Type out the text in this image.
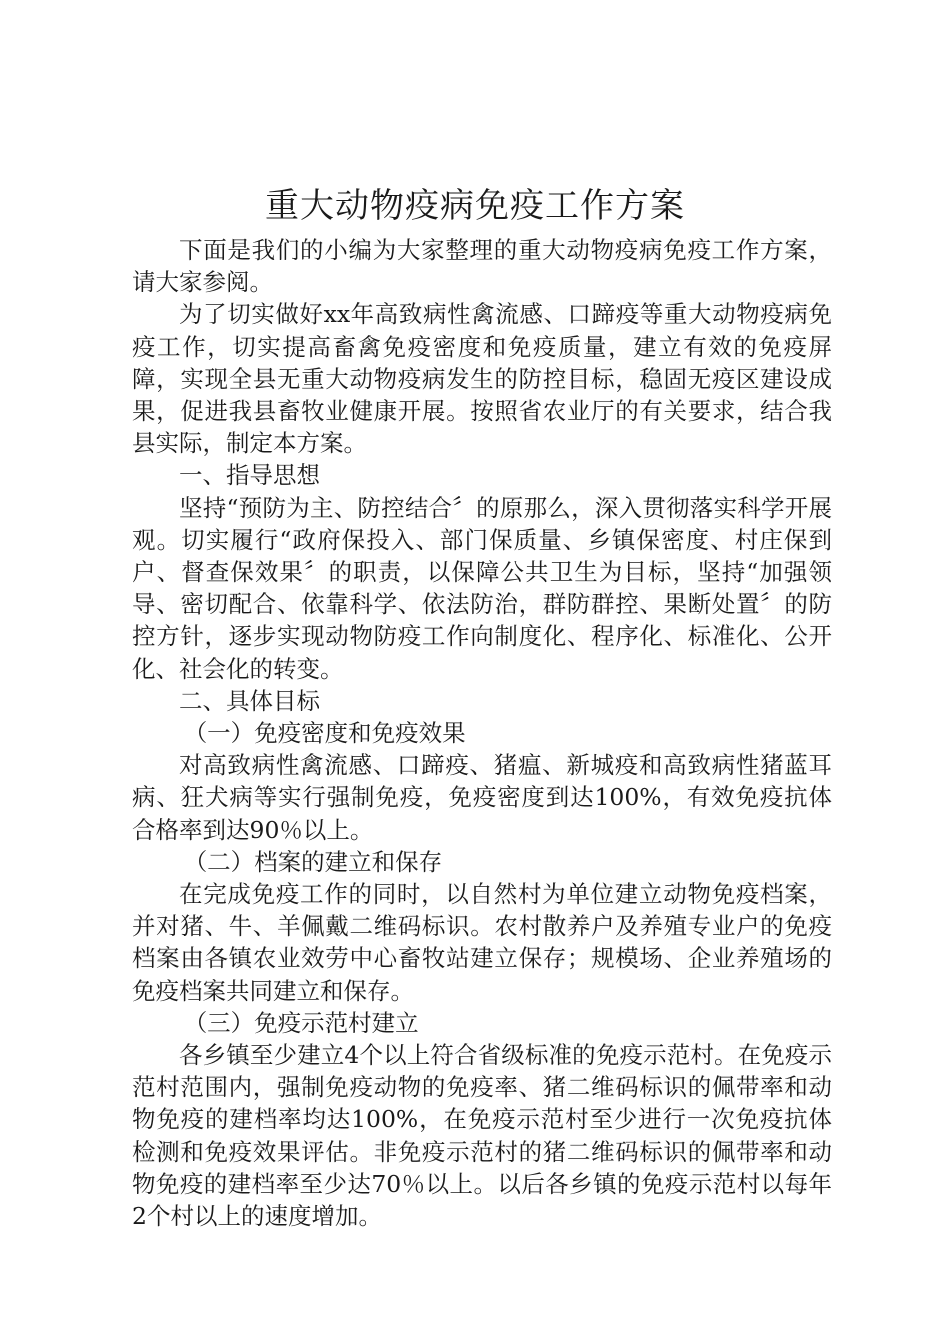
重大动物疫病免疫工作方案

下面是我们的小编为大家整理的重大动物疫病免疫工作方案，请大家参阅。

为了切实做好xx年高致病性禽流感、口蹄疫等重大动物疫病免疫工作，切实提高畜禽免疫密度和免疫质量，建立有效的免疫屏障，实现全县无重大动物疫病发生的防控目标，稳固无疫区建设成果，促进我县畜牧业健康开展。按照省农业厅的有关要求，结合我县实际，制定本方案。

一、指导思想

坚持“预防为主、防控结合〞的原那么，深入贯彻落实科学开展观。切实履行“政府保投入、部门保质量、乡镇保密度、村庄保到户、督查保效果〞的职责，以保障公共卫生为目标，坚持“加强领导、密切配合、依靠科学、依法防治，群防群控、果断处置〞的防控方针，逐步实现动物防疫工作向制度化、程序化、标准化、公开化、社会化的转变。

二、具体目标

（一）免疫密度和免疫效果

对高致病性禽流感、口蹄疫、猪瘟、新城疫和高致病性猪蓝耳病、狂犬病等实行强制免疫，免疫密度到达100%，有效免疫抗体合格率到达90％以上。

（二）档案的建立和保存

在完成免疫工作的同时，以自然村为单位建立动物免疫档案，并对猪、牛、羊佩戴二维码标识。农村散养户及养殖专业户的免疫档案由各镇农业效劳中心畜牧站建立保存；规模场、企业养殖场的免疫档案共同建立和保存。

（三）免疫示范村建立

各乡镇至少建立4个以上符合省级标准的免疫示范村。在免疫示范村范围内，强制免疫动物的免疫率、猪二维码标识的佩带率和动物免疫的建档率均达100%，在免疫示范村至少进行一次免疫抗体检测和免疫效果评估。非免疫示范村的猪二维码标识的佩带率和动物免疫的建档率至少达70％以上。以后各乡镇的免疫示范村以每年2个村以上的速度增加。
